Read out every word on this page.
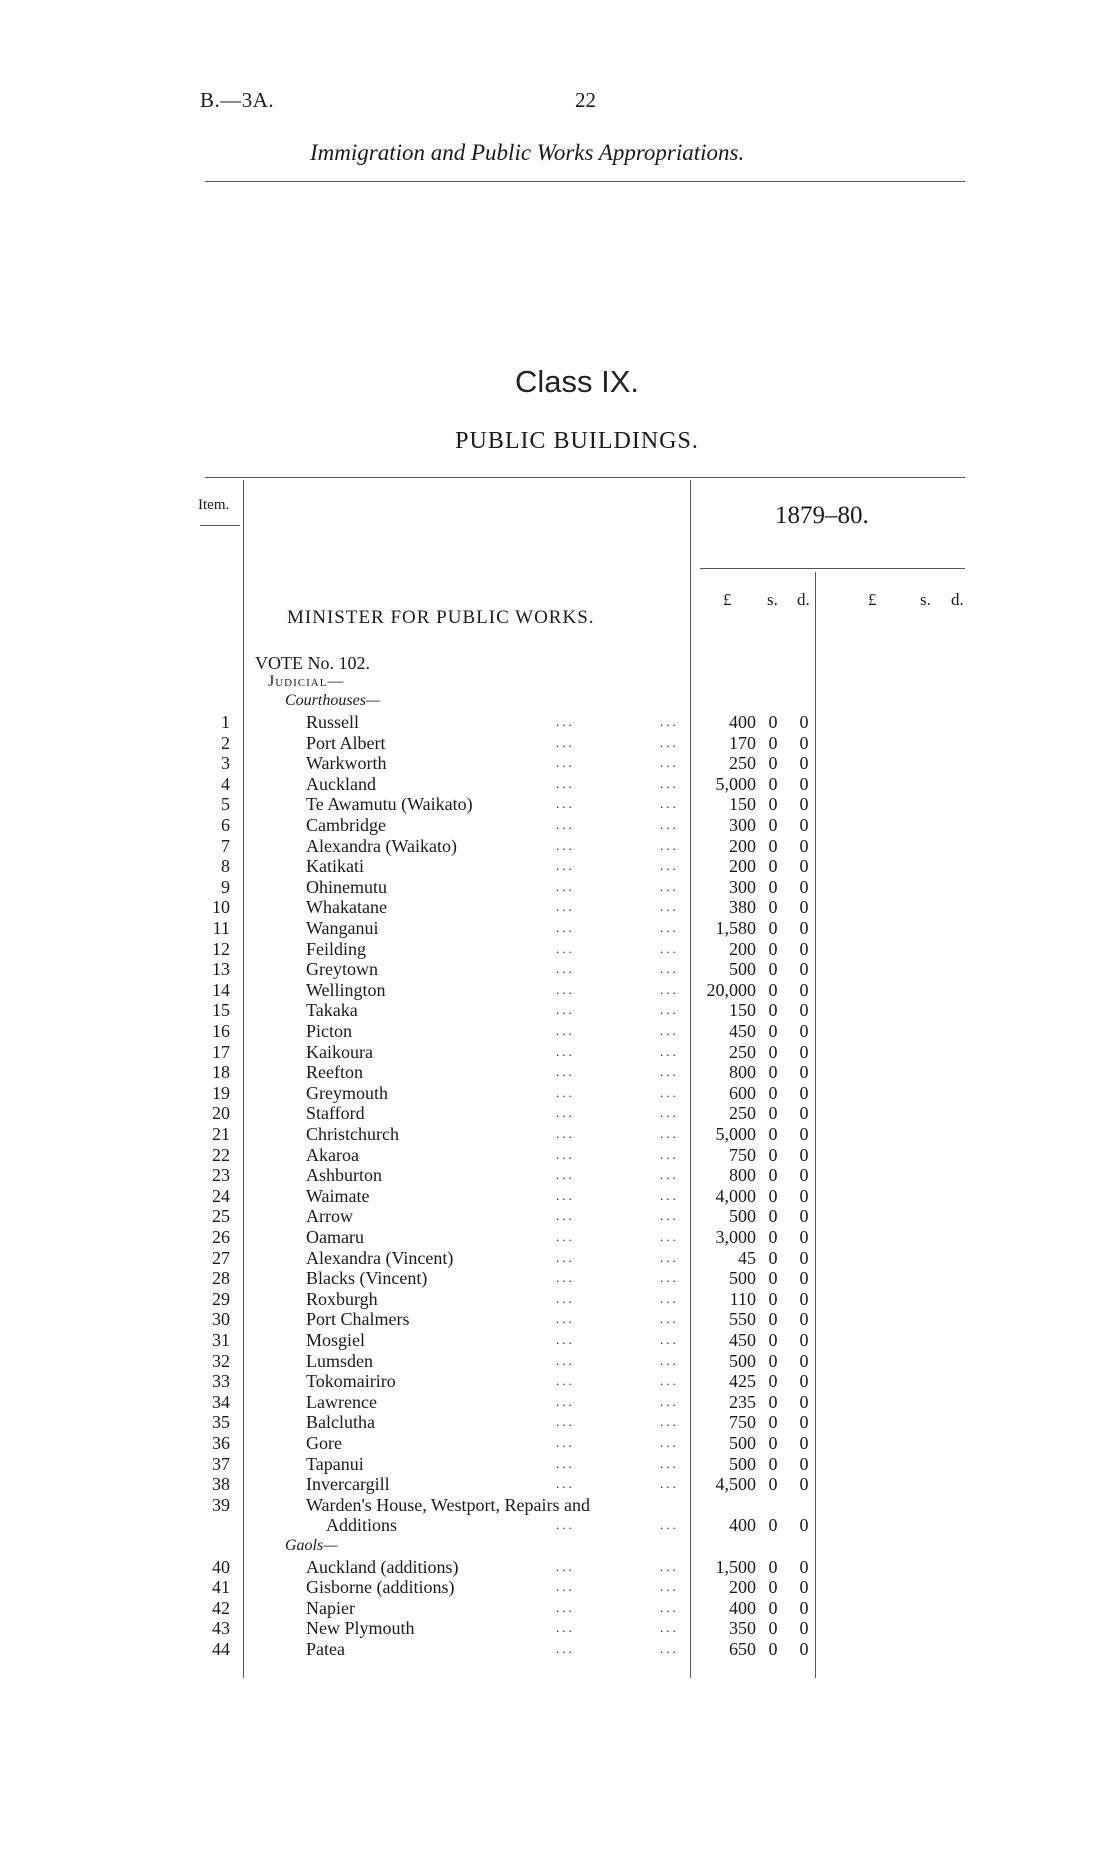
B.—3A.	22
Immigration and Public Works Appropriations.
Class IX.
PUBLIC BUILDINGS.
Item.	1879–80.
£ s. d.	£	s. d.
MINISTER FOR PUBLIC WORKS.
VOTE No. 102.
Judicial—
Courthouses—
1	Russell	...	...	400 0 0
2	Port Albert	...	...	170 0 0
3	Warkworth	...	...	250 0 0
4	Auckland	...	...	5,000 0 0
5	Te Awamutu (Waikato)	...	...	150 0 0
6	Cambridge	...	...	300 0 0
7	Alexandra (Waikato)	...	...	200 0 0
8	Katikati	...	...	200 0 0
9	Ohinemutu	...	...	300 0 0
10	Whakatane	...	...	380 0 0
11	Wanganui	...	...	1,580 0 0
12	Feilding	...	...	200 0 0
13	Greytown	...	...	500 0 0
14	Wellington	...	...	20,000 0 0
15	Takaka	...	...	150 0 0
16	Picton	...	...	450 0 0
17	Kaikoura	...	...	250 0 0
18	Reefton	...	...	800 0 0
19	Greymouth	...	...	600 0 0
20	Stafford	...	...	250 0 0
21	Christchurch	...	...	5,000 0 0
22	Akaroa	...	...	750 0 0
23	Ashburton	...	...	800 0 0
24	Waimate	...	...	4,000 0 0
25	Arrow	...	...	500 0 0
26	Oamaru	...	...	3,000 0 0
27	Alexandra (Vincent)	...	...	45 0 0
28	Blacks (Vincent)	...	...	500 0 0
29	Roxburgh	...	...	110 0 0
30	Port Chalmers	...	...	550 0 0
31	Mosgiel	...	...	450 0 0
32	Lumsden	...	...	500 0 0
33	Tokomairiro	...	...	425 0 0
34	Lawrence	...	...	235 0 0
35	Balclutha	...	...	750 0 0
36	Gore	...	...	500 0 0
37	Tapanui	...	...	500 0 0
38	Invercargill	...	...	4,500 0 0
39	Warden's House, Westport, Repairs and
Additions	...	...	400 0 0
Gaols—
40	Auckland (additions)	...	...	1,500 0 0
41	Gisborne (additions)	...	...	200 0 0
42	Napier	...	...	400 0 0
43	New Plymouth	...	...	350 0 0
44	Patea	...	...	650 0 0
